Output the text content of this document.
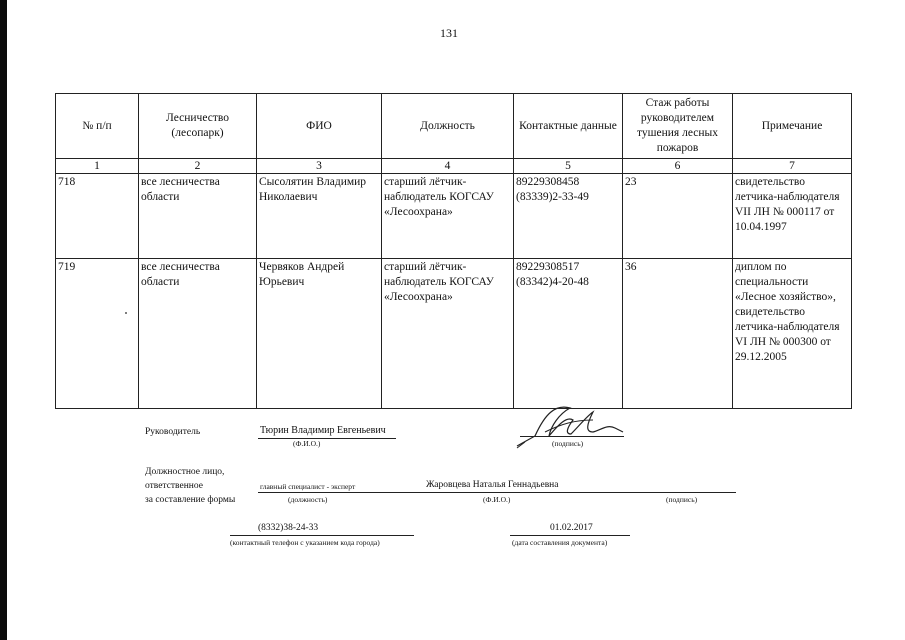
131
№ п/п	Лесничество (лесопарк)	ФИО	Должность	Контактные данные	Стаж работы руководителем тушения лесных пожаров	Примечание
1	2	3	4	5	6	7
718	все лесничества области	Сысолятин Владимир Николаевич	старший лётчик-наблюдатель КОГСАУ «Лесоохрана»	89229308458 (83339)2-33-49	23	свидетельство летчика-наблюдателя VII ЛН № 000117 от 10.04.1997
719	все лесничества области	Червяков Андрей Юрьевич	старший лётчик-наблюдатель КОГСАУ «Лесоохрана»	89229308517 (83342)4-20-48	36	диплом по специальности «Лесное хозяйство», свидетельство летчика-наблюдателя VI ЛН № 000300 от 29.12.2005
Руководитель	Тюрин Владимир Евгеньевич
(Ф.И.О.)	(подпись)
Должностное лицо,
ответственное
за составление формы
главный специалист - эксперт	Жаровцева Наталья Геннадьевна
(должность)	(Ф.И.О.)	(подпись)
(8332)38-24-33
(контактный телефон с указанием кода города)
01.02.2017
(дата составления документа)
